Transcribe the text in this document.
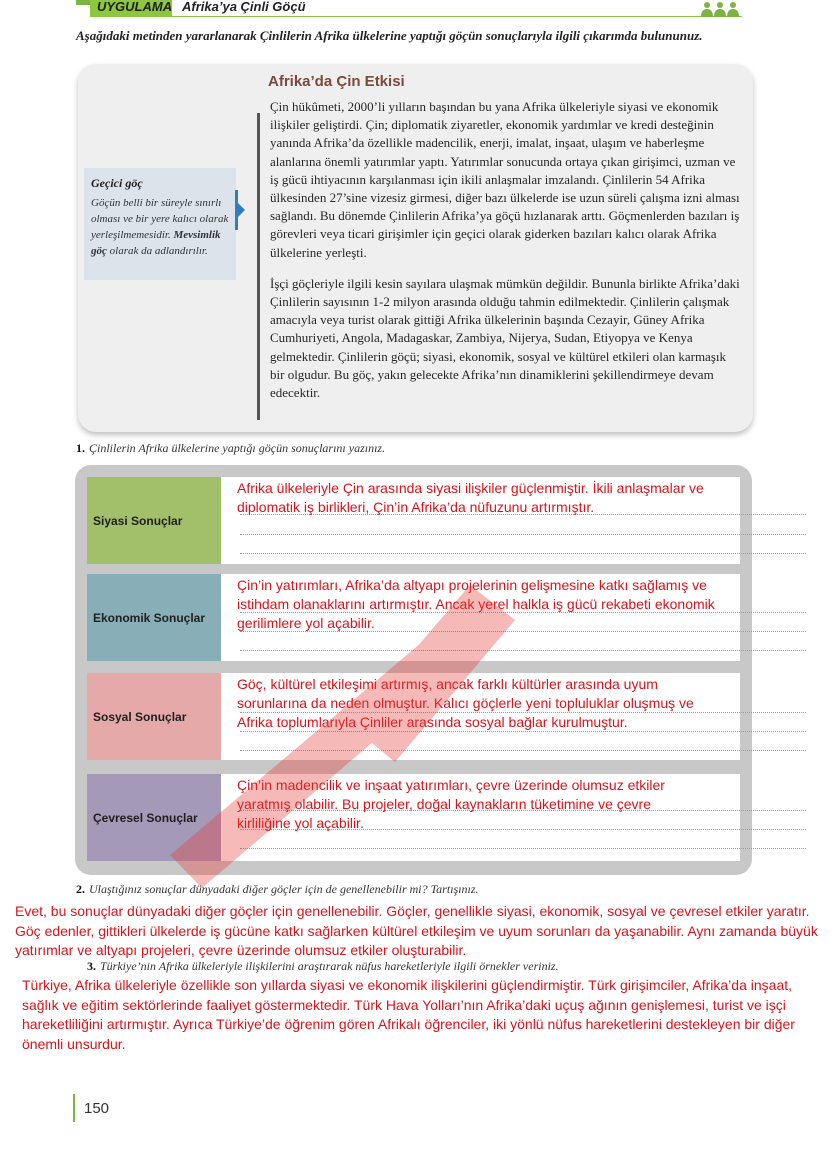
UYGULAMA Afrika’ya Çinli Göçü
Aşağıdaki metinden yararlanarak Çinlilerin Afrika ülkelerine yaptığı göçün sonuçlarıyla ilgili çıkarımda bulununuz.
Afrika’da Çin Etkisi

Çin hükûmeti, 2000’li yılların başından bu yana Afrika ülkeleriyle siyasi ve ekonomik ilişkiler geliştirdi. Çin; diplomatik ziyaretler, ekonomik yardımlar ve kredi desteğinin yanında Afrika’da özellikle madencilik, enerji, imalat, inşaat, ulaşım ve haberleşme alanlarına önemli yatırımlar yaptı. Yatırımlar sonucunda ortaya çıkan girişimci, uzman ve iş gücü ihtiyacının karşılanması için ikili anlaşmalar imzalandı. Çinlilerin 54 Afrika ülkesinden 27’sine vizesiz girmesi, diğer bazı ülkelerde ise uzun süreli çalışma izni alması sağlandı. Bu dönemde Çinlilerin Afrika’ya göçü hızlanarak arttı. Göçmenlerden bazıları iş görevleri veya ticari girişimler için geçici olarak giderken bazıları kalıcı olarak Afrika ülkelerine yerleşti.

İşçi göçleriyle ilgili kesin sayılara ulaşmak mümkün değildir. Bununla birlikte Afrika’daki Çinlilerin sayısının 1-2 milyon arasında olduğu tahmin edilmektedir. Çinlilerin çalışmak amacıyla veya turist olarak gittiği Afrika ülkelerinin başında Cezayir, Güney Afrika Cumhuriyeti, Angola, Madagaskar, Zambiya, Nijerya, Sudan, Etiyopya ve Kenya gelmektedir. Çinlilerin göçü; siyasi, ekonomik, sosyal ve kültürel etkileri olan karmaşık bir olgudur. Bu göç, yakın gelecekte Afrika’nın dinamiklerini şekillendirmeye devam edecektir.

Geçici göç
Göçün belli bir süreyle sınırlı olması ve bir yere kalıcı olarak yerleşilmemesidir. Mevsimlik göç olarak da adlandırılır.
1. Çinlilerin Afrika ülkelerine yaptığı göçün sonuçlarını yazınız.
Siyasi Sonuçlar
Afrika ülkeleriyle Çin arasında siyasi ilişkiler güçlenmiştir. İkili anlaşmalar ve diplomatik iş birlikleri, Çin’in Afrika’da nüfuzunu artırmıştır.
Ekonomik Sonuçlar
Çin’in yatırımları, Afrika’da altyapı projelerinin gelişmesine katkı sağlamış ve istihdam olanaklarını artırmıştır. Ancak yerel halkla iş gücü rekabeti ekonomik gerilimlere yol açabilir.
Sosyal Sonuçlar
Göç, kültürel etkileşimi artırmış, ancak farklı kültürler arasında uyum sorunlarına da neden olmuştur. Kalıcı göçlerle yeni topluluklar oluşmuş ve Afrika toplumlarıyla Çinliler arasında sosyal bağlar kurulmuştur.
Çevresel Sonuçlar
Çin’in madencilik ve inşaat yatırımları, çevre üzerinde olumsuz etkiler yaratmış olabilir. Bu projeler, doğal kaynakların tüketimine ve çevre kirliliğine yol açabilir.
2. Ulaştığınız sonuçlar dünyadaki diğer göçler için de genellenebilir mi? Tartışınız.
Evet, bu sonuçlar dünyadaki diğer göçler için genellenebilir. Göçler, genellikle siyasi, ekonomik, sosyal ve çevresel etkiler yaratır. Göç edenler, gittikleri ülkelerde iş gücüne katkı sağlarken kültürel etkileşim ve uyum sorunları da yaşanabilir. Aynı zamanda büyük yatırımlar ve altyapı projeleri, çevre üzerinde olumsuz etkiler oluşturabilir.
3. Türkiye’nin Afrika ülkeleriyle ilişkilerini araştırarak nüfus hareketleriyle ilgili örnekler veriniz.
Türkiye, Afrika ülkeleriyle özellikle son yıllarda siyasi ve ekonomik ilişkilerini güçlendirmiştir. Türk girişimciler, Afrika’da inşaat, sağlık ve eğitim sektörlerinde faaliyet göstermektedir. Türk Hava Yolları’nın Afrika’daki uçuş ağının genişlemesi, turist ve işçi hareketliliğini artırmıştır. Ayrıca Türkiye’de öğrenim gören Afrikalı öğrenciler, iki yönlü nüfus hareketlerini destekleyen bir diğer önemli unsurdur.
150
